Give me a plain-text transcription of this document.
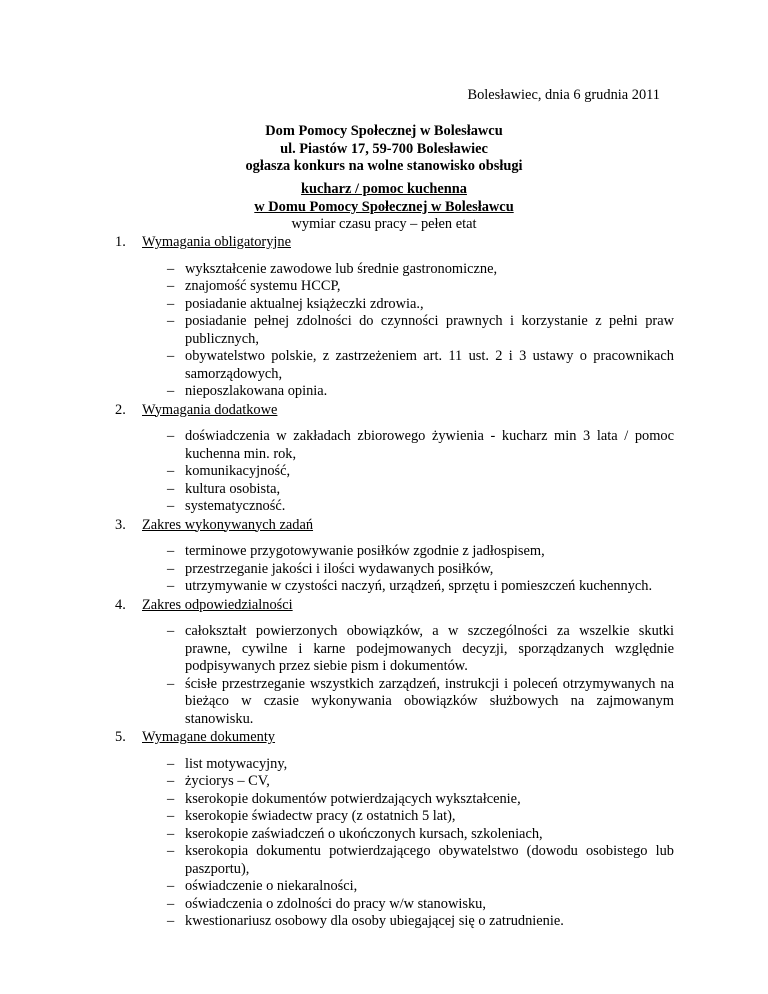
Bolesławiec, dnia 6 grudnia 2011
Dom Pomocy Społecznej w Bolesławcu
ul. Piastów 17, 59-700 Bolesławiec
ogłasza konkurs na wolne stanowisko obsługi
kucharz / pomoc kuchenna
w Domu Pomocy Społecznej w Bolesławcu
wymiar czasu pracy – pełen etat
1. Wymagania obligatoryjne
– wykształcenie zawodowe lub średnie gastronomiczne,
– znajomość systemu HCCP,
– posiadanie aktualnej książeczki zdrowia.,
– posiadanie pełnej zdolności do czynności prawnych i korzystanie z pełni praw publicznych,
– obywatelstwo polskie, z zastrzeżeniem art. 11 ust. 2 i 3 ustawy o pracownikach samorządowych,
– nieposzlakowana opinia.
2. Wymagania dodatkowe
– doświadczenia w zakładach zbiorowego żywienia - kucharz min 3 lata / pomoc kuchenna min. rok,
– komunikacyjność,
– kultura osobista,
– systematyczność.
3. Zakres wykonywanych zadań
– terminowe przygotowywanie posiłków zgodnie z jadłospisem,
– przestrzeganie jakości i ilości wydawanych posiłków,
– utrzymywanie w czystości naczyń, urządzeń, sprzętu i pomieszczeń kuchennych.
4. Zakres odpowiedzialności
– całokształt powierzonych obowiązków, a w szczególności za wszelkie skutki prawne, cywilne i karne podejmowanych decyzji, sporządzanych względnie podpisywanych przez siebie pism i dokumentów.
– ścisłe przestrzeganie wszystkich zarządzeń, instrukcji i poleceń otrzymywanych na bieżąco w czasie wykonywania obowiązków służbowych na zajmowanym stanowisku.
5. Wymagane dokumenty
– list motywacyjny,
– życiorys – CV,
– kserokopie dokumentów potwierdzających wykształcenie,
– kserokopie świadectw pracy (z ostatnich 5 lat),
– kserokopie zaświadczeń o ukończonych kursach, szkoleniach,
– kserokopia dokumentu potwierdzającego obywatelstwo (dowodu osobistego lub paszportu),
– oświadczenie o niekaralności,
– oświadczenia o zdolności do pracy w/w stanowisku,
– kwestionariusz osobowy dla osoby ubiegającej się o zatrudnienie.
